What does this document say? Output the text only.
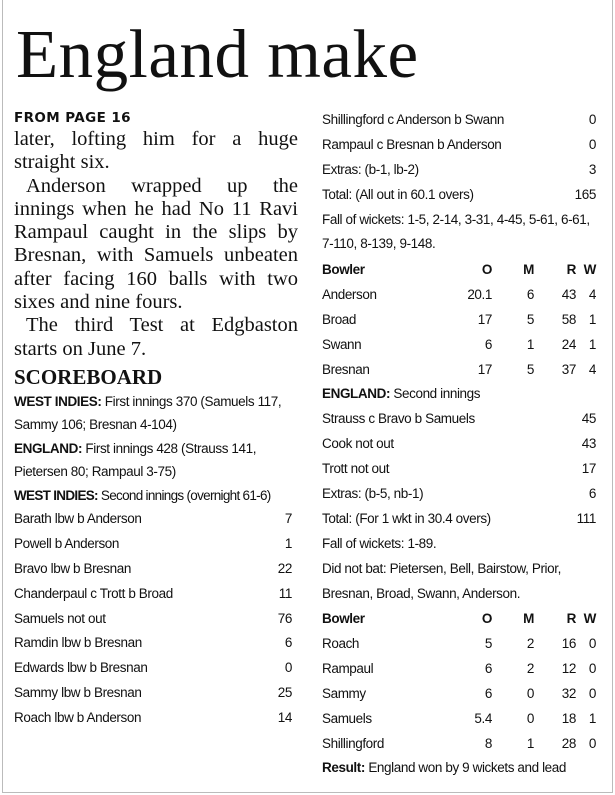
England make
FROM PAGE 16

later, lofting him for a huge straight six.

Anderson wrapped up the innings when he had No 11 Ravi Rampaul caught in the slips by Bresnan, with Samuels unbeaten after facing 160 balls with two sixes and nine fours.

The third Test at Edgbaston starts on June 7.

SCOREBOARD
WEST INDIES: First innings 370 (Samuels 117, Sammy 106; Bresnan 4-104)
ENGLAND: First innings 428 (Strauss 141, Pietersen 80; Rampaul 3-75)
WEST INDIES: Second innings (overnight 61-6)
Barath lbw b Anderson	7
Powell b Anderson	1
Bravo lbw b Bresnan	22
Chanderpaul c Trott b Broad	11
Samuels not out	76
Ramdin lbw b Bresnan	6
Edwards lbw b Bresnan	0
Sammy lbw b Bresnan	25
Roach lbw b Anderson	14
Shillingford c Anderson b Swann	0
Rampaul c Bresnan b Anderson	0
Extras: (b-1, lb-2)	3
Total: (All out in 60.1 overs)	165
Fall of wickets: 1-5, 2-14, 3-31, 4-45, 5-61, 6-61, 7-110, 8-139, 9-148.
Bowler	O	M	R W
Anderson	20.1	6	43 4
Broad	17	5	58 1
Swann	6	1	24 1
Bresnan	17	5	37 4
ENGLAND: Second innings
Strauss c Bravo b Samuels	45
Cook not out	43
Trott not out	17
Extras: (b-5, nb-1)	6
Total: (For 1 wkt in 30.4 overs)	111
Fall of wickets: 1-89.
Did not bat: Pietersen, Bell, Bairstow, Prior, Bresnan, Broad, Swann, Anderson.
Bowler	O	M	R W
Roach	5	2	16 0
Rampaul	6	2	12 0
Sammy	6	0	32 0
Samuels	5.4	0	18 1
Shillingford	8	1	28 0
Result: England won by 9 wickets and lead
